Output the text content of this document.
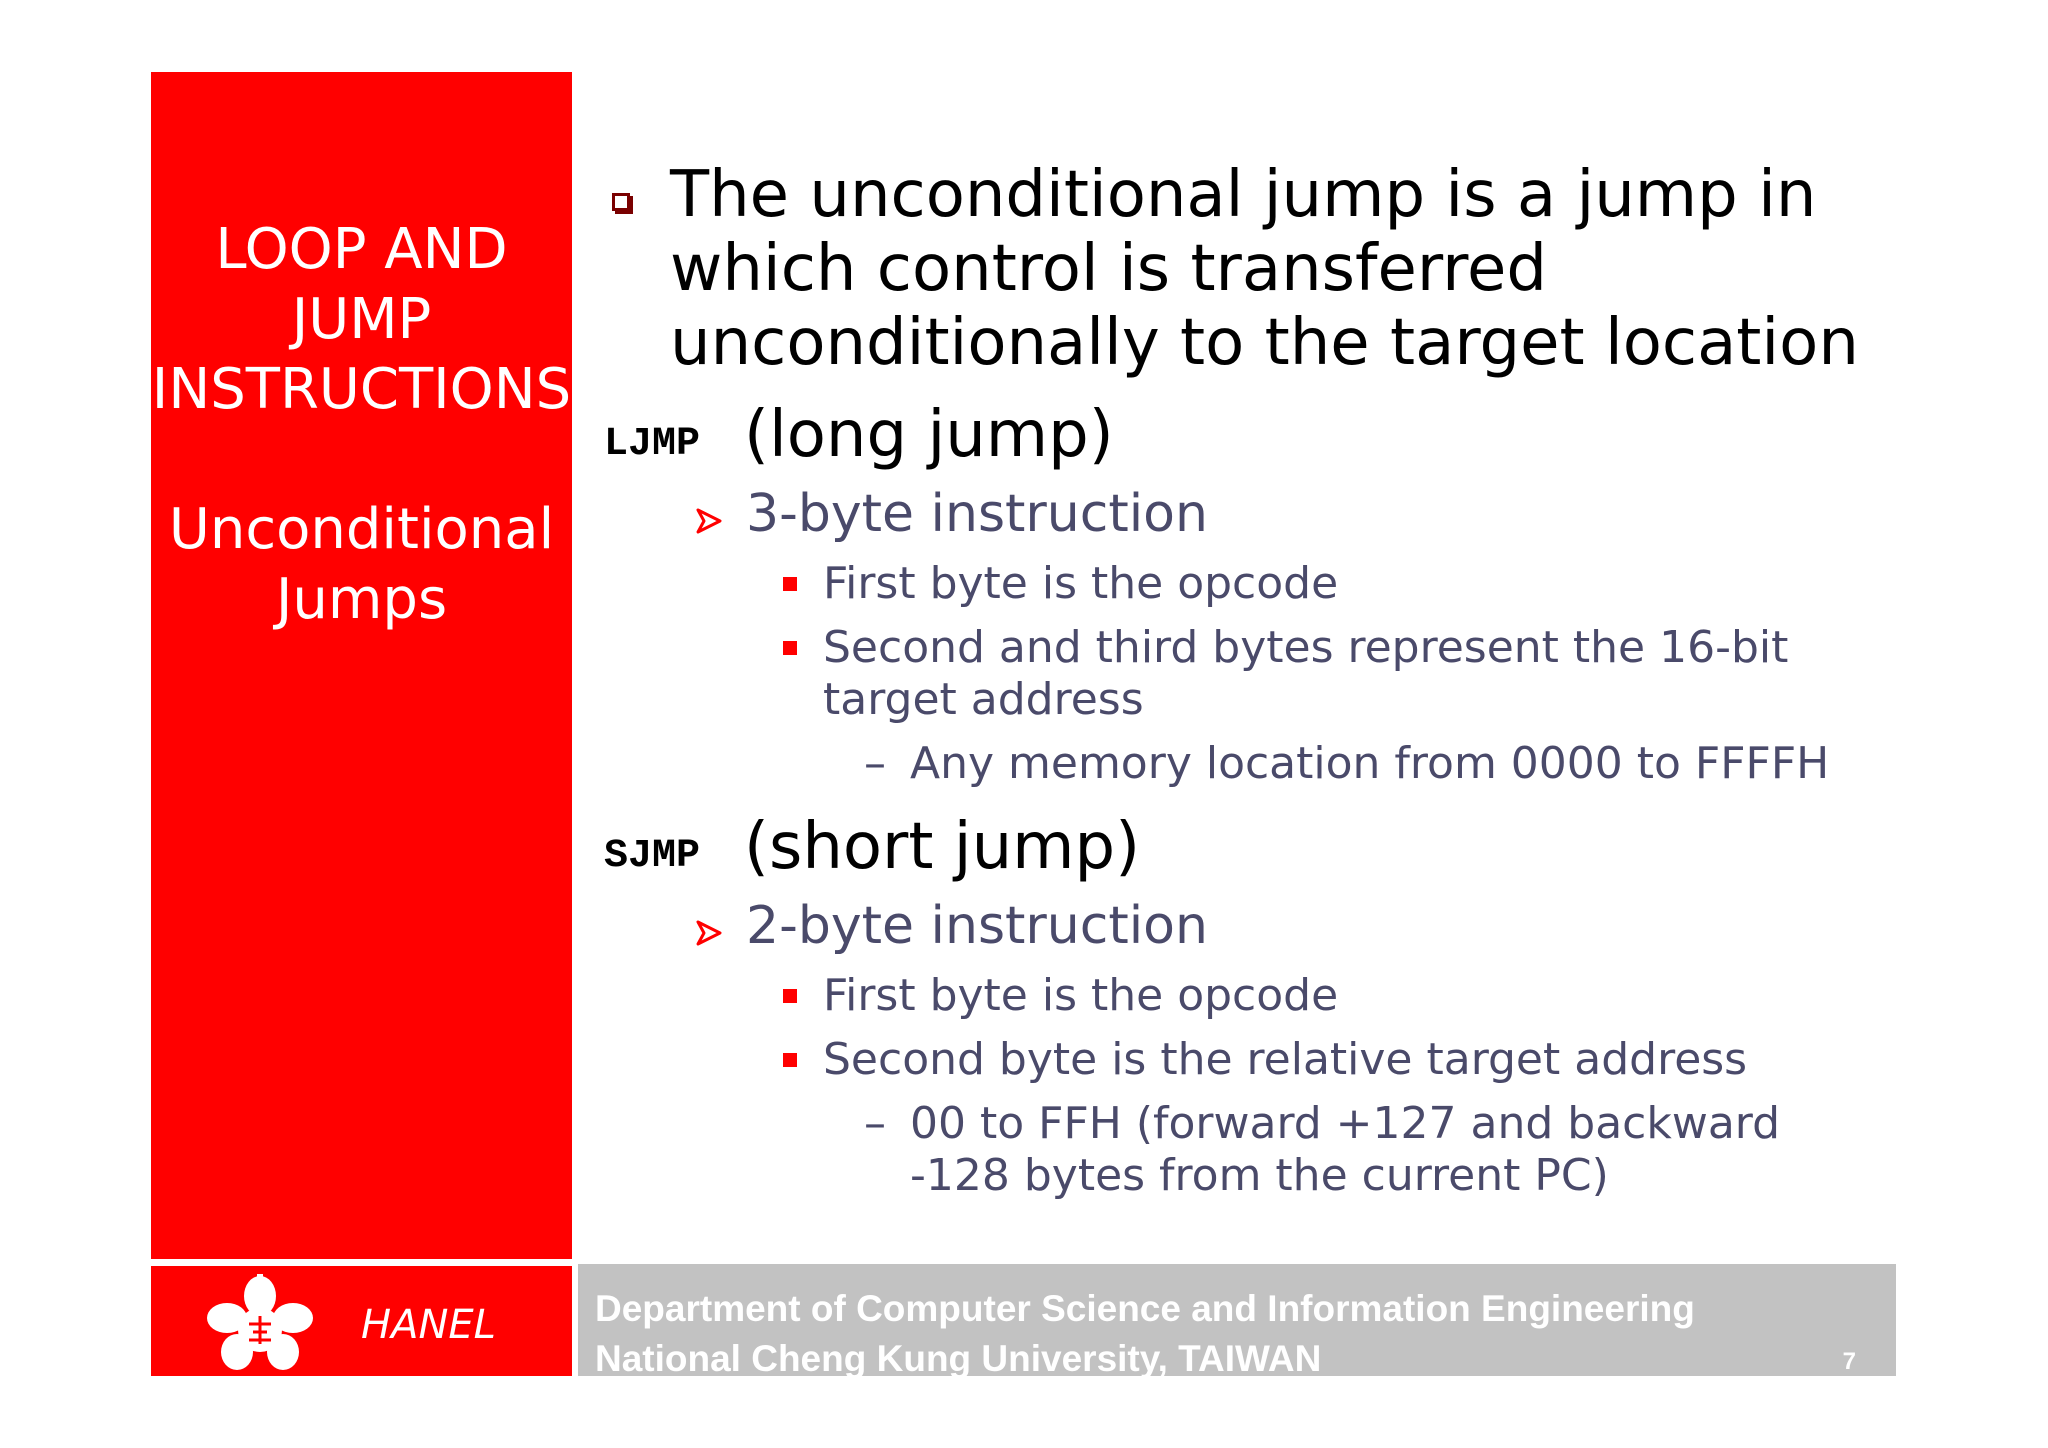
LOOP AND
JUMP
INSTRUCTIONS
Unconditional
Jumps
HANEL	Department of Computer Science and Information Engineering
National Cheng Kung University, TAIWAN	7
The unconditional jump is a jump in
which control is transferred
unconditionally to the target location
LJMP (long jump)
3-byte instruction
First byte is the opcode
Second and third bytes represent the 16-bit
target address
– Any memory location from 0000 to FFFFH
SJMP (short jump)
2-byte instruction
First byte is the opcode
Second byte is the relative target address
– 00 to FFH (forward +127 and backward
-128 bytes from the current PC)
